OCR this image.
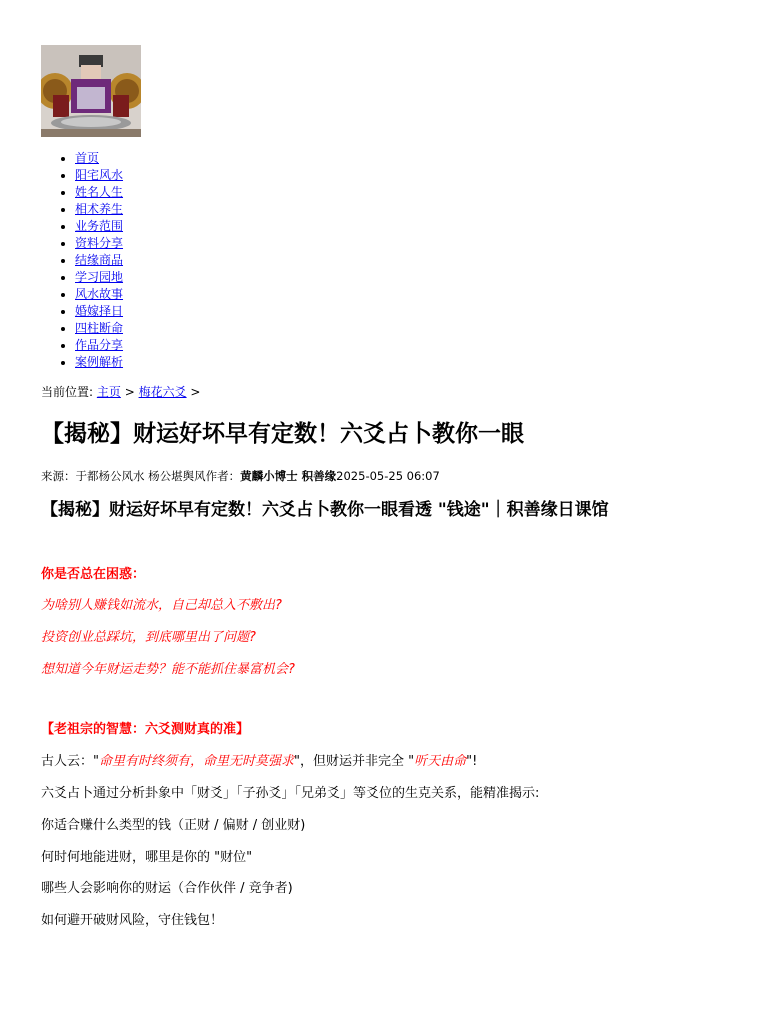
• 首页
• 阳宅风水
• 姓名人生
• 相术养生
• 业务范围
• 资料分享
• 结缘商品
• 学习园地
• 风水故事
• 婚嫁择日
• 四柱断命
• 作品分享
• 案例解析
当前位置: 主页 > 梅花六爻 >
【揭秘】财运好坏早有定数！六爻占卜教你一眼
来源：于都杨公风水 杨公堪舆风作者：黄麟小博士 积善缘2025-05-25 06:07
【揭秘】财运好坏早有定数！六爻占卜教你一眼看透 "钱途"｜积善缘日课馆
你是否总在困惑：
为啥别人赚钱如流水，自己却总入不敷出?
投资创业总踩坑，到底哪里出了问题?
想知道今年财运走势？能不能抓住暴富机会?
【老祖宗的智慧：六爻测财真的准】
古人云："命里有时终须有，命里无时莫强求"，但财运并非完全 "听天由命"!
六爻占卜通过分析卦象中「财爻」「子孙爻」「兄弟爻」等爻位的生克关系，能精准揭示:
你适合赚什么类型的钱（正财 / 偏财 / 创业财)
何时何地能进财，哪里是你的 "财位"
哪些人会影响你的财运（合作伙伴 / 竞争者)
如何避开破财风险，守住钱包！
